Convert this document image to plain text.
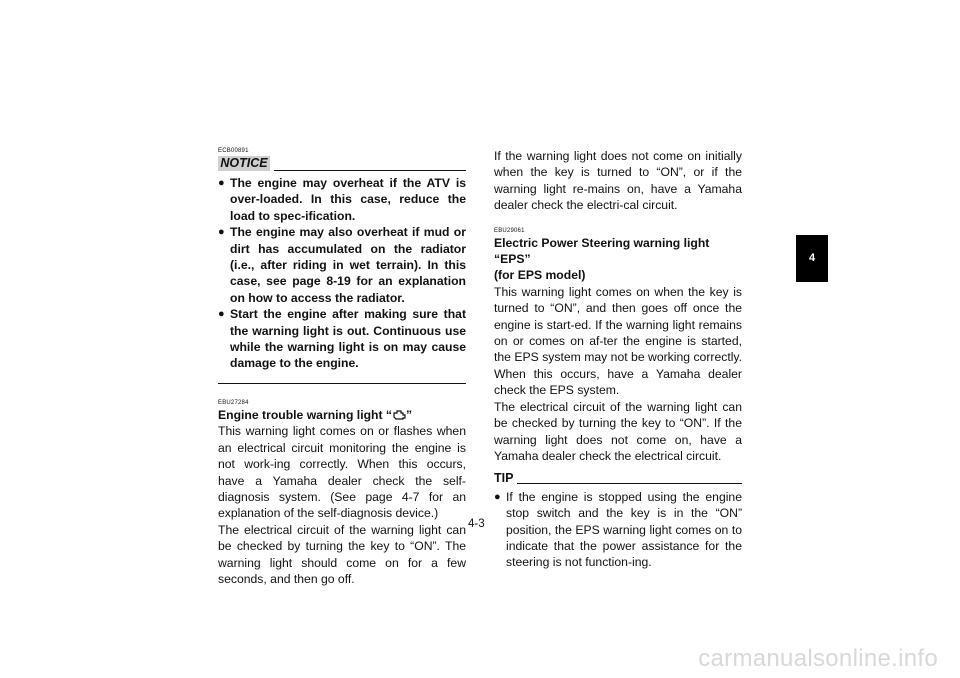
ECB00891
NOTICE
● The engine may overheat if the ATV is over-loaded. In this case, reduce the load to spec-ification.
● The engine may also overheat if mud or dirt has accumulated on the radiator (i.e., after riding in wet terrain). In this case, see page 8-19 for an explanation on how to access the radiator.
● Start the engine after making sure that the warning light is out. Continuous use while the warning light is on may cause damage to the engine.
EBU27284
Engine trouble warning light “ ”

This warning light comes on or flashes when an electrical circuit monitoring the engine is not work-ing correctly. When this occurs, have a Yamaha dealer check the self-diagnosis system. (See page 4-7 for an explanation of the self-diagnosis device.)

The electrical circuit of the warning light can be checked by turning the key to “ON”. The warning light should come on for a few seconds, and then go off.

If the warning light does not come on initially when the key is turned to “ON”, or if the warning light re-mains on, have a Yamaha dealer check the electri-cal circuit.

EBU29061
Electric Power Steering warning light “EPS”
(for EPS model)

This warning light comes on when the key is turned to “ON”, and then goes off once the engine is start-ed. If the warning light remains on or comes on af-ter the engine is started, the EPS system may not be working correctly. When this occurs, have a Yamaha dealer check the EPS system.

The electrical circuit of the warning light can be checked by turning the key to “ON”. If the warning light does not come on, have a Yamaha dealer check the electrical circuit.

TIP
● If the engine is stopped using the engine stop switch and the key is in the “ON” position, the EPS warning light comes on to indicate that the power assistance for the steering is not function-ing.
4
4-3
carmanualsonline.info
